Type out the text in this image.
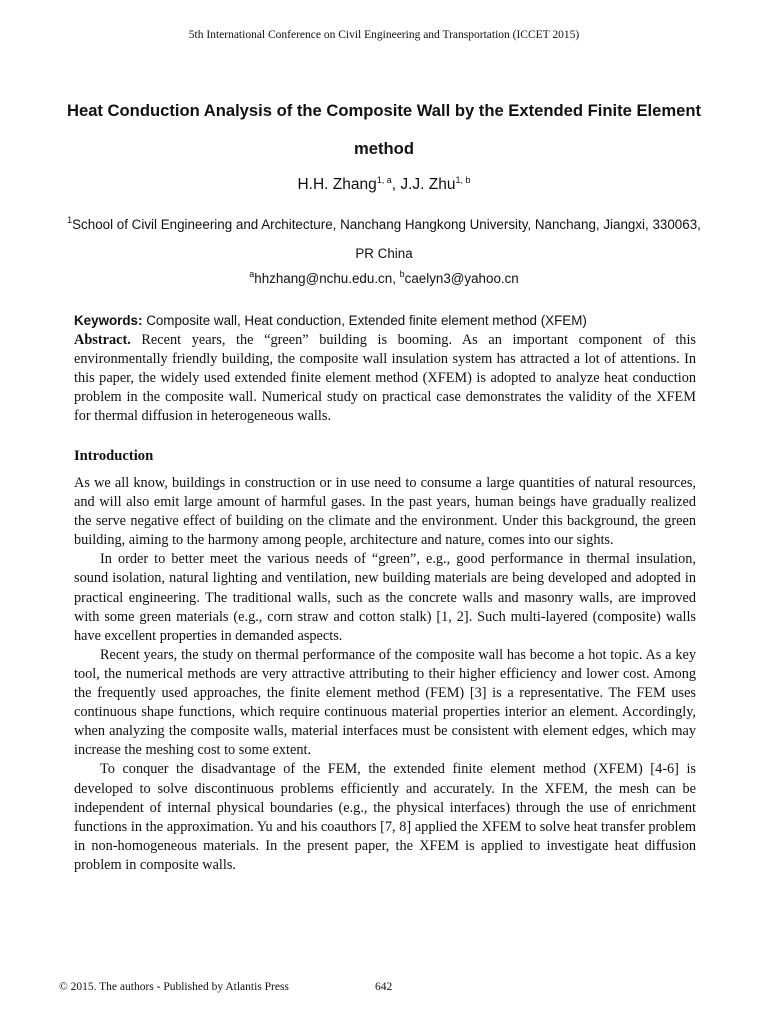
5th International Conference on Civil Engineering and Transportation (ICCET 2015)
Heat Conduction Analysis of the Composite Wall by the Extended Finite Element method
H.H. Zhang$^{1, a}$, J.J. Zhu$^{1, b}$
$^1$School of Civil Engineering and Architecture, Nanchang Hangkong University, Nanchang, Jiangxi, 330063, PR China
$^a$hhzhang@nchu.edu.cn, $^b$caelyn3@yahoo.cn
Keywords: Composite wall, Heat conduction, Extended finite element method (XFEM)
Abstract. Recent years, the “green” building is booming. As an important component of this environmentally friendly building, the composite wall insulation system has attracted a lot of attentions. In this paper, the widely used extended finite element method (XFEM) is adopted to analyze heat conduction problem in the composite wall. Numerical study on practical case demonstrates the validity of the XFEM for thermal diffusion in heterogeneous walls.
Introduction

As we all know, buildings in construction or in use need to consume a large quantities of natural resources, and will also emit large amount of harmful gases. In the past years, human beings have gradually realized the serve negative effect of building on the climate and the environment. Under this background, the green building, aiming to the harmony among people, architecture and nature, comes into our sights.

In order to better meet the various needs of “green”, e.g., good performance in thermal insulation, sound isolation, natural lighting and ventilation, new building materials are being developed and adopted in practical engineering. The traditional walls, such as the concrete walls and masonry walls, are improved with some green materials (e.g., corn straw and cotton stalk) [1, 2]. Such multi-layered (composite) walls have excellent properties in demanded aspects.

Recent years, the study on thermal performance of the composite wall has become a hot topic. As a key tool, the numerical methods are very attractive attributing to their higher efficiency and lower cost. Among the frequently used approaches, the finite element method (FEM) [3] is a representative. The FEM uses continuous shape functions, which require continuous material properties interior an element. Accordingly, when analyzing the composite walls, material interfaces must be consistent with element edges, which may increase the meshing cost to some extent.

To conquer the disadvantage of the FEM, the extended finite element method (XFEM) [4-6] is developed to solve discontinuous problems efficiently and accurately. In the XFEM, the mesh can be independent of internal physical boundaries (e.g., the physical interfaces) through the use of enrichment functions in the approximation. Yu and his coauthors [7, 8] applied the XFEM to solve heat transfer problem in non-homogeneous materials. In the present paper, the XFEM is applied to investigate heat diffusion problem in composite walls.

© 2015. The authors - Published by Atlantis Press	642
